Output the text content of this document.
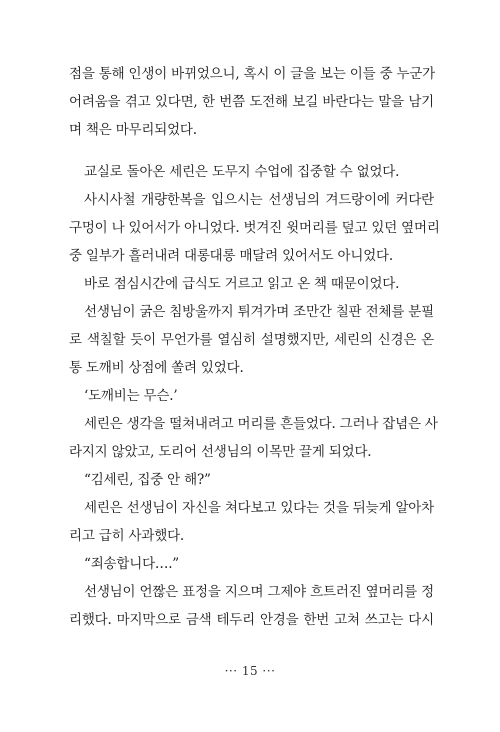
점을 통해 인생이 바뀌었으니, 혹시 이 글을 보는 이들 중 누군가
어려움을 겪고 있다면, 한 번쯤 도전해 보길 바란다는 말을 남기
며 책은 마무리되었다.
교실로 돌아온 세린은 도무지 수업에 집중할 수 없었다.
사시사철 개량한복을 입으시는 선생님의 겨드랑이에 커다란
구멍이 나 있어서가 아니었다. 벗겨진 윗머리를 덮고 있던 옆머리
중 일부가 흘러내려 대롱대롱 매달려 있어서도 아니었다.
바로 점심시간에 급식도 거르고 읽고 온 책 때문이었다.
선생님이 굵은 침방울까지 튀겨가며 조만간 칠판 전체를 분필
로 색칠할 듯이 무언가를 열심히 설명했지만, 세린의 신경은 온
통 도깨비 상점에 쏠려 있었다.
‘도깨비는 무슨.’
세린은 생각을 떨쳐내려고 머리를 흔들었다. 그러나 잡념은 사
라지지 않았고, 도리어 선생님의 이목만 끌게 되었다.
“김세린, 집중 안 해?”
세린은 선생님이 자신을 쳐다보고 있다는 것을 뒤늦게 알아차
리고 급히 사과했다.
“죄송합니다….”
선생님이 언짢은 표정을 지으며 그제야 흐트러진 옆머리를 정
리했다. 마지막으로 금색 테두리 안경을 한번 고쳐 쓰고는 다시
··· 15 ···
